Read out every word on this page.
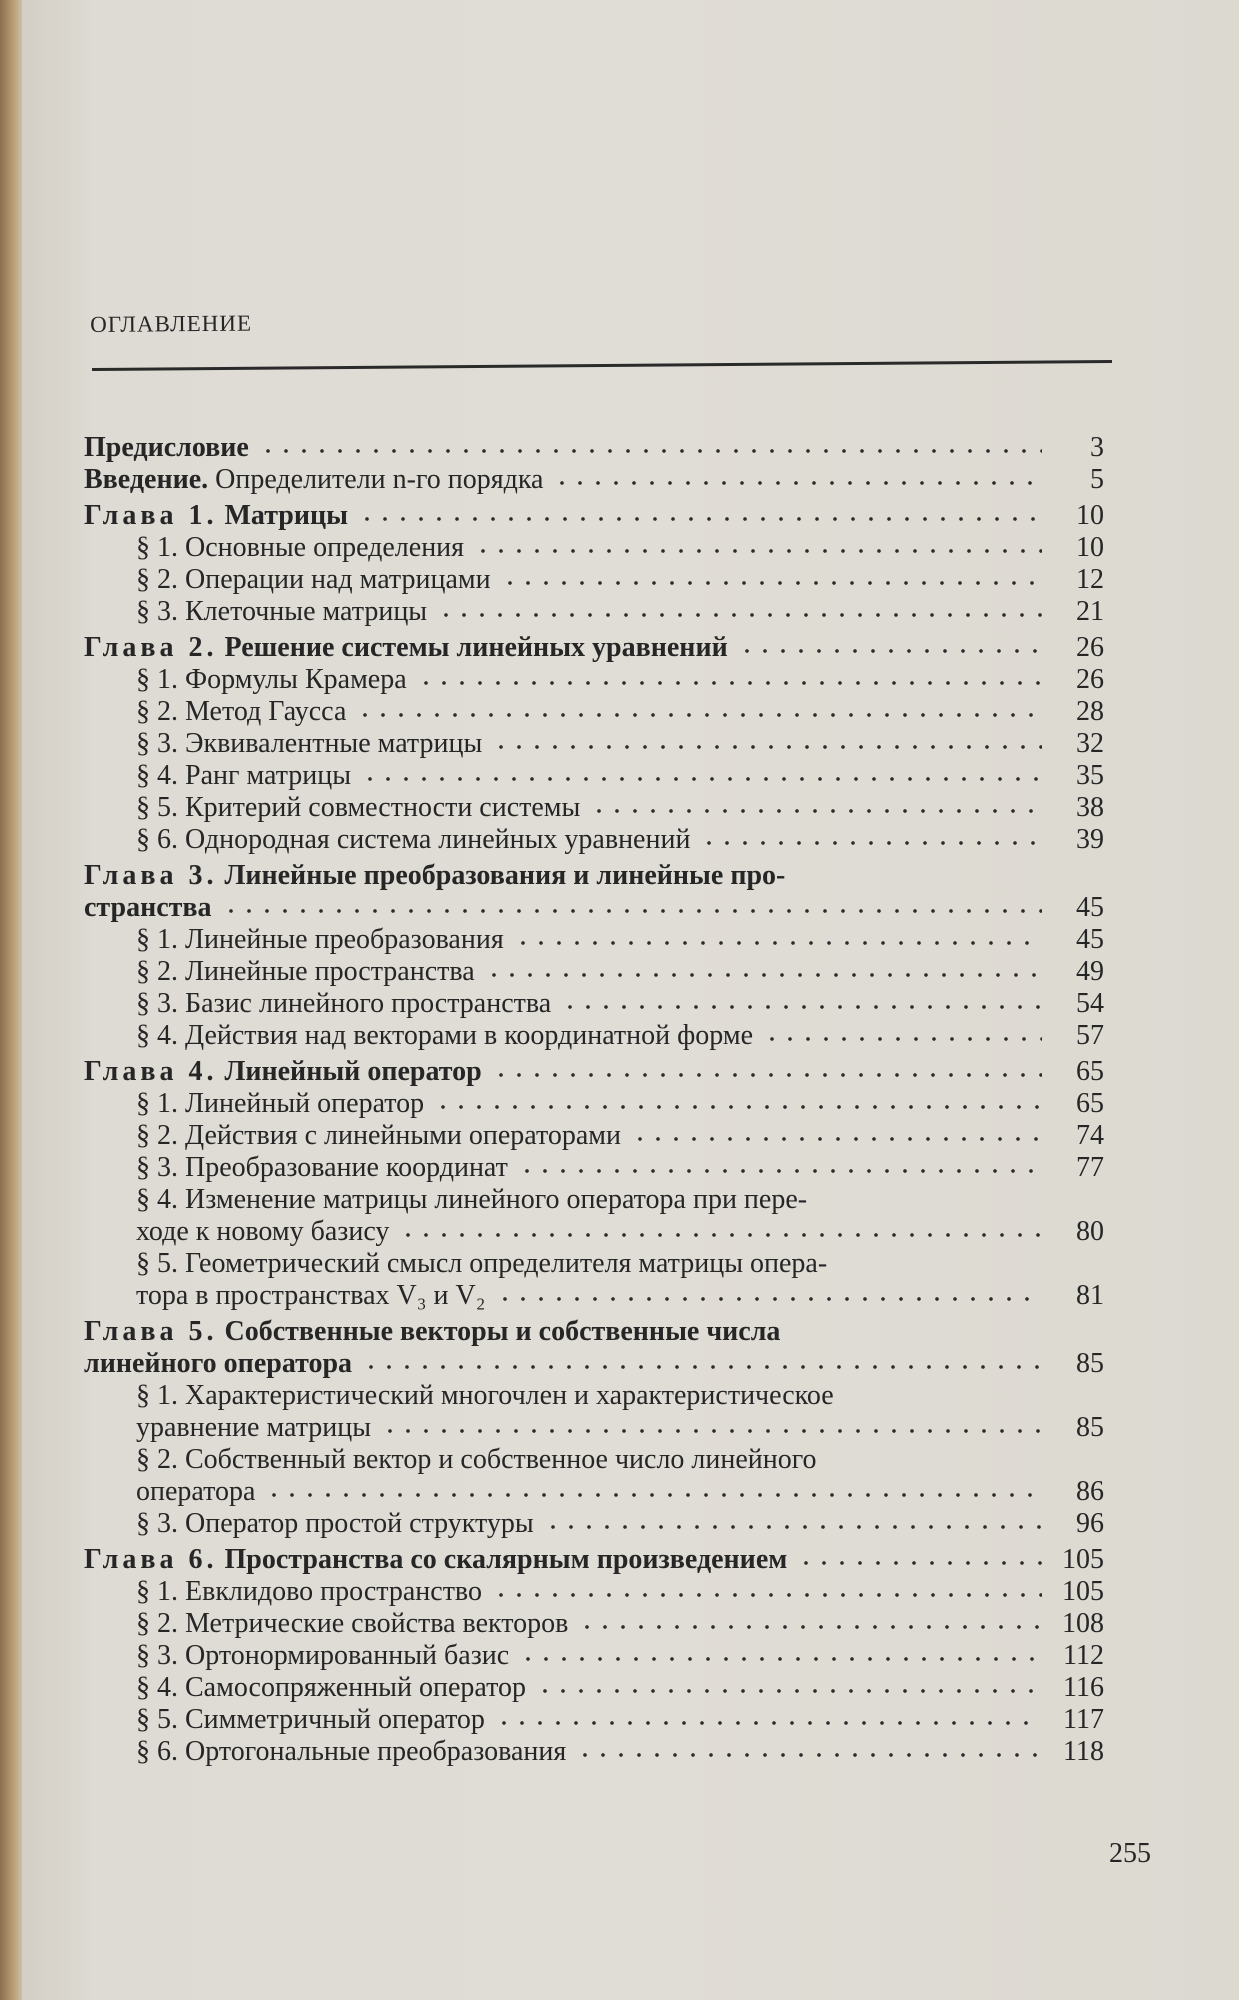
оглавление
Предисловие	3
Введение. Определители n-го порядка	5
Глава 1. Матрицы	10
§ 1. Основные определения	10
§ 2. Операции над матрицами	12
§ 3. Клеточные матрицы	21
Глава 2. Решение системы линейных уравнений	26
§ 1. Формулы Крамера	26
§ 2. Метод Гаусса	28
§ 3. Эквивалентные матрицы	32
§ 4. Ранг матрицы	35
§ 5. Критерий совместности системы	38
§ 6. Однородная система линейных уравнений	39
Глава 3. Линейные преобразования и линейные про-
странства	45
§ 1. Линейные преобразования	45
§ 2. Линейные пространства	49
§ 3. Базис линейного пространства	54
§ 4. Действия над векторами в координатной форме	57
Глава 4. Линейный оператор	65
§ 1. Линейный оператор	65
§ 2. Действия с линейными операторами	74
§ 3. Преобразование координат	77
§ 4. Изменение матрицы линейного оператора при пере-
ходе к новому базису	80
§ 5. Геометрический смысл определителя матрицы опера-
тора в пространствах V₃ и V₂	81
Глава 5. Собственные векторы и собственные числа
линейного оператора	85
§ 1. Характеристический многочлен и характеристическое
уравнение матрицы	85
§ 2. Собственный вектор и собственное число линейного
оператора	86
§ 3. Оператор простой структуры	96
Глава 6. Пространства со скалярным произведением	105
§ 1. Евклидово пространство	105
§ 2. Метрические свойства векторов	108
§ 3. Ортонормированный базис	112
§ 4. Самосопряженный оператор	116
§ 5. Симметричный оператор	117
§ 6. Ортогональные преобразования	118
255
